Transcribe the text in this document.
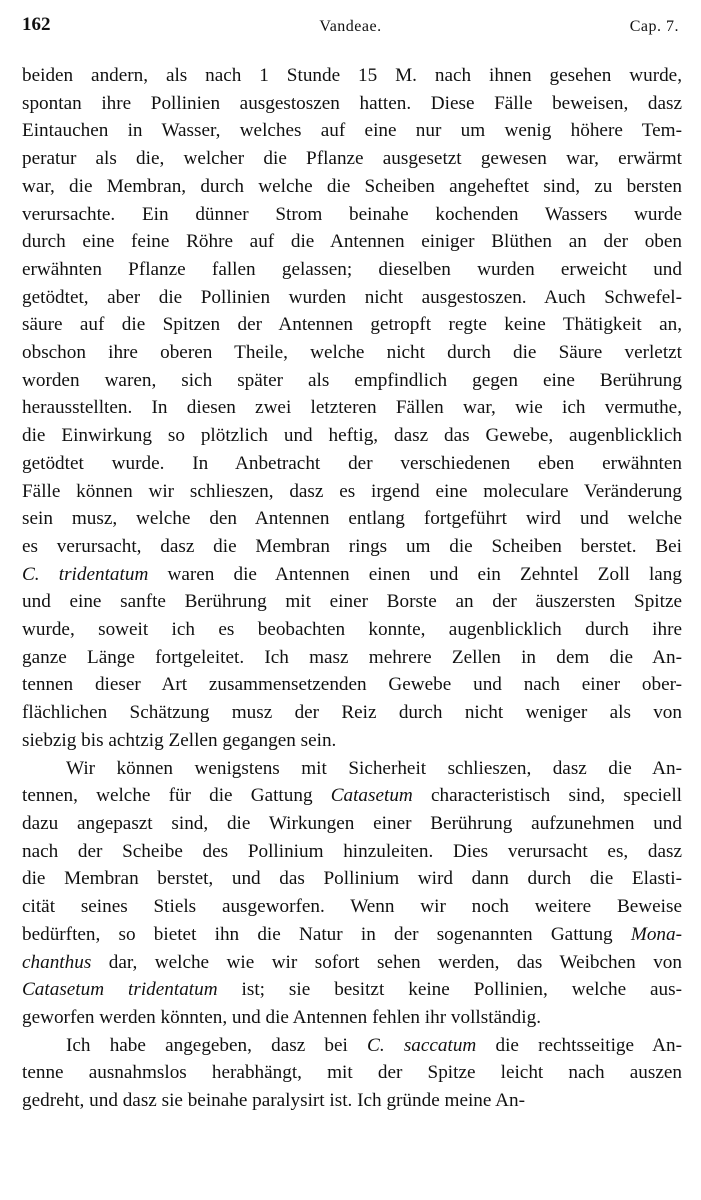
162	Vandeae.	Cap. 7.

beiden andern, als nach 1 Stunde 15 M. nach ihnen gesehen wurde,
spontan ihre Pollinien ausgestoszen hatten. Diese Fälle beweisen, dasz
Eintauchen in Wasser, welches auf eine nur um wenig höhere Tem-
peratur als die, welcher die Pflanze ausgesetzt gewesen war, erwärmt
war, die Membran, durch welche die Scheiben angeheftet sind, zu bersten
verursachte. Ein dünner Strom beinahe kochenden Wassers wurde
durch eine feine Röhre auf die Antennen einiger Blüthen an der oben
erwähnten Pflanze fallen gelassen; dieselben wurden erweicht und
getödtet, aber die Pollinien wurden nicht ausgestoszen. Auch Schwefel-
säure auf die Spitzen der Antennen getropft regte keine Thätigkeit an,
obschon ihre oberen Theile, welche nicht durch die Säure verletzt
worden waren, sich später als empfindlich gegen eine Berührung
herausstellten. In diesen zwei letzteren Fällen war, wie ich vermuthe,
die Einwirkung so plötzlich und heftig, dasz das Gewebe, augenblicklich
getödtet wurde. In Anbetracht der verschiedenen eben erwähnten
Fälle können wir schlieszen, dasz es irgend eine moleculare Veränderung
sein musz, welche den Antennen entlang fortgeführt wird und welche
es verursacht, dasz die Membran rings um die Scheiben berstet. Bei
C. tridentatum waren die Antennen einen und ein Zehntel Zoll lang
und eine sanfte Berührung mit einer Borste an der äuszersten Spitze
wurde, soweit ich es beobachten konnte, augenblicklich durch ihre
ganze Länge fortgeleitet. Ich masz mehrere Zellen in dem die An-
tennen dieser Art zusammensetzenden Gewebe und nach einer ober-
flächlichen Schätzung musz der Reiz durch nicht weniger als von
siebzig bis achtzig Zellen gegangen sein.

Wir können wenigstens mit Sicherheit schlieszen, dasz die An-
tennen, welche für die Gattung Catasetum characteristisch sind, speciell
dazu angepaszt sind, die Wirkungen einer Berührung aufzunehmen und
nach der Scheibe des Pollinium hinzuleiten. Dies verursacht es, dasz
die Membran berstet, und das Pollinium wird dann durch die Elasti-
cität seines Stiels ausgeworfen. Wenn wir noch weitere Beweise
bedürften, so bietet ihn die Natur in der sogenannten Gattung Mona-
chanthus dar, welche wie wir sofort sehen werden, das Weibchen von
Catasetum tridentatum ist; sie besitzt keine Pollinien, welche aus-
geworfen werden könnten, und die Antennen fehlen ihr vollständig.

Ich habe angegeben, dasz bei C. saccatum die rechtsseitige An-
tenne ausnahmslos herabhängt, mit der Spitze leicht nach auszen
gedreht, und dasz sie beinahe paralysirt ist. Ich gründe meine An-
